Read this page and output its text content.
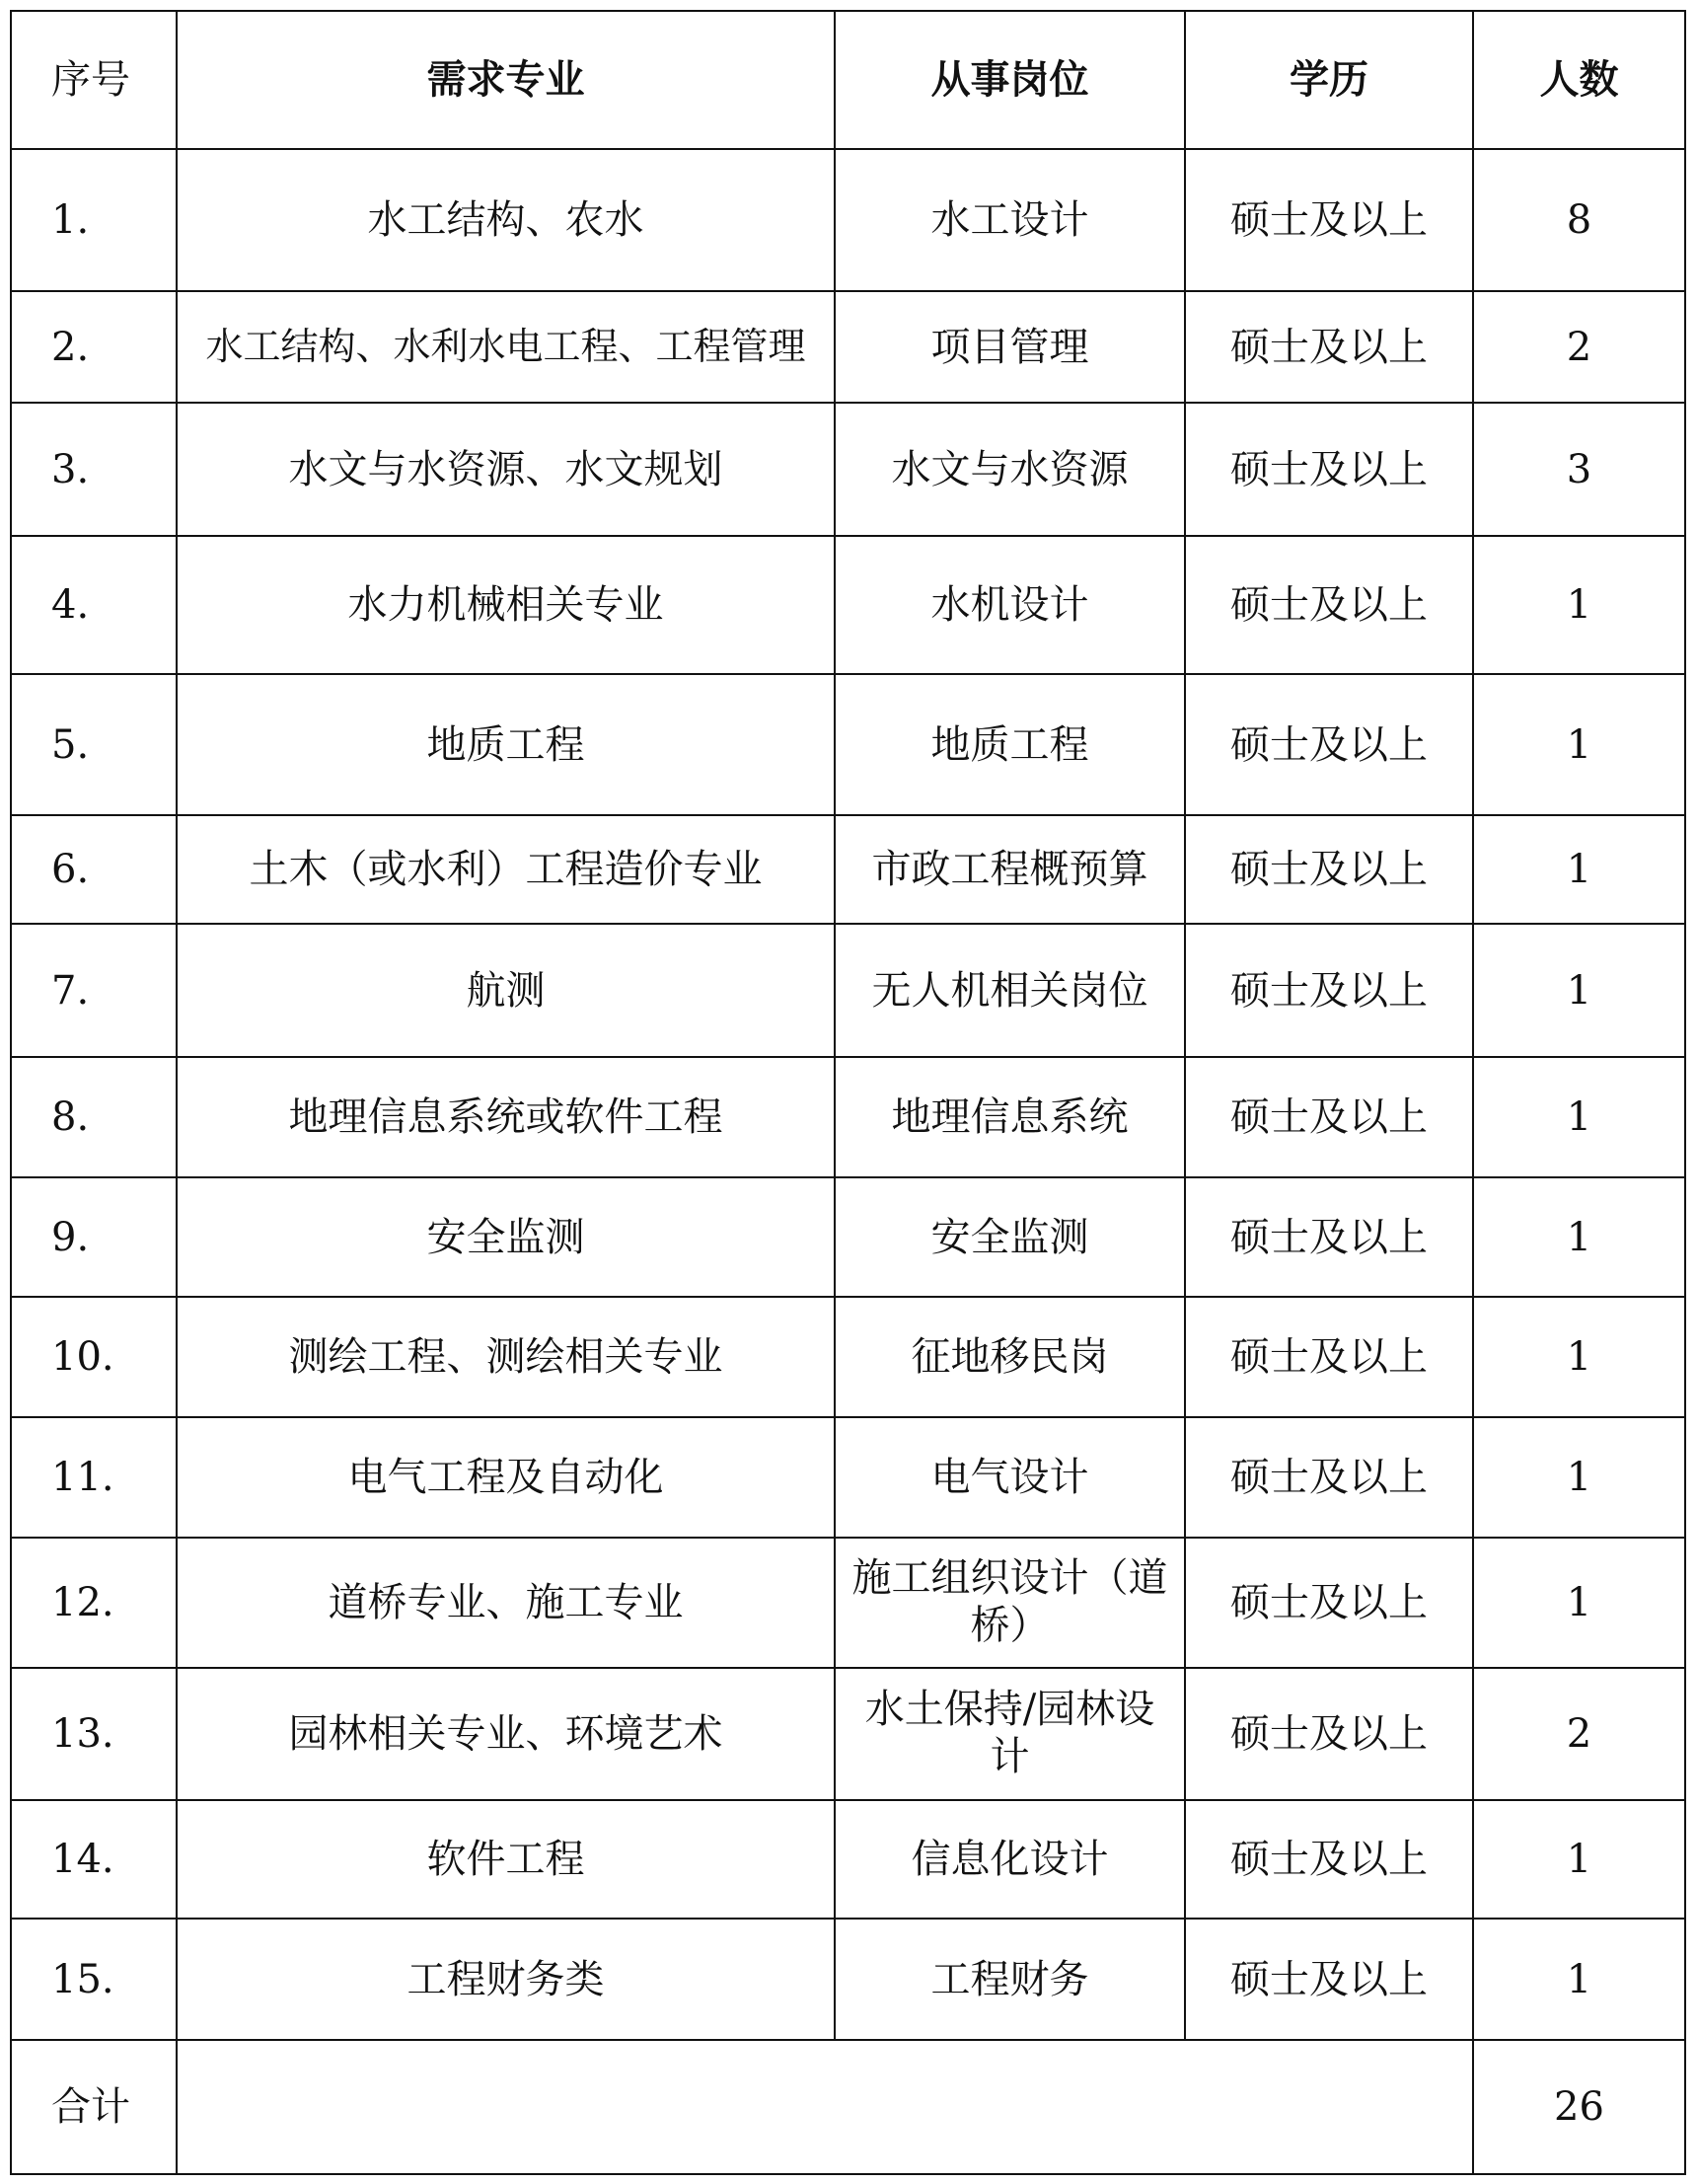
序号	需求专业	从事岗位	学历	人数
1.	水工结构、农水	水工设计	硕士及以上	8
2.	水工结构、水利水电工程、工程管理	项目管理	硕士及以上	2
3.	水文与水资源、水文规划	水文与水资源	硕士及以上	3
4.	水力机械相关专业	水机设计	硕士及以上	1
5.	地质工程	地质工程	硕士及以上	1
6.	土木（或水利）工程造价专业	市政工程概预算	硕士及以上	1
7.	航测	无人机相关岗位	硕士及以上	1
8.	地理信息系统或软件工程	地理信息系统	硕士及以上	1
9.	安全监测	安全监测	硕士及以上	1
10.	测绘工程、测绘相关专业	征地移民岗	硕士及以上	1
11.	电气工程及自动化	电气设计	硕士及以上	1
12.	道桥专业、施工专业	施工组织设计（道桥）	硕士及以上	1
13.	园林相关专业、环境艺术	水土保持/园林设计	硕士及以上	2
14.	软件工程	信息化设计	硕士及以上	1
15.	工程财务类	工程财务	硕士及以上	1
合计				26
